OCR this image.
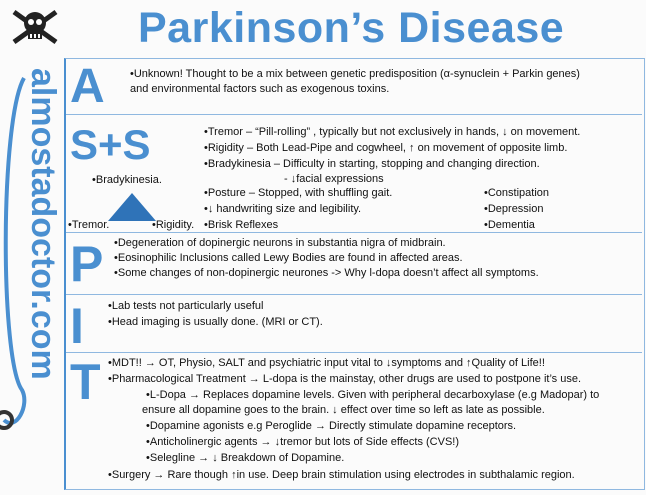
almostadoctor.com
Parkinson’s Disease
A •Unknown! Thought to be a mix between genetic predisposition (α-synuclein + Parkin genes)
and environmental factors such as exogenous toxins.
S+S
•Bradykinesia.
•Tremor.	•Rigidity.
•Tremor – “Pill-rolling” , typically but not exclusively in hands, ↓ on movement.
•Rigidity – Both Lead-Pipe and cogwheel, ↑ on movement of opposite limb.
•Bradykinesia – Difficulty in starting, stopping and changing direction.
- ↓facial expressions
•Posture – Stopped, with shuffling gait.
•↓ handwriting size and legibility.
•Brisk Reflexes
•Constipation
•Depression
•Dementia
P •Degeneration of dopinergic neurons in substantia nigra of midbrain.
•Eosinophilic Inclusions called Lewy Bodies are found in affected areas.
•Some changes of non-dopinergic neurones -> Why l-dopa doesn’t affect all symptoms.
I •Lab tests not particularly useful
•Head imaging is usually done. (MRI or CT).
T •MDT!! → OT, Physio, SALT and psychiatric input vital to ↓symptoms and ↑Quality of Life!!
•Pharmacological Treatment → L-dopa is the mainstay, other drugs are used to postpone it’s use.
•L-Dopa → Replaces dopamine levels. Given with peripheral decarboxylase (e.g Madopar) to
ensure all dopamine goes to the brain. ↓ effect over time so left as late as possible.
•Dopamine agonists e.g Peroglide → Directly stimulate dopamine receptors.
•Anticholinergic agents → ↓tremor but lots of Side effects (CVS!)
•Selegline → ↓ Breakdown of Dopamine.
•Surgery → Rare though ↑in use. Deep brain stimulation using electrodes in subthalamic region.
